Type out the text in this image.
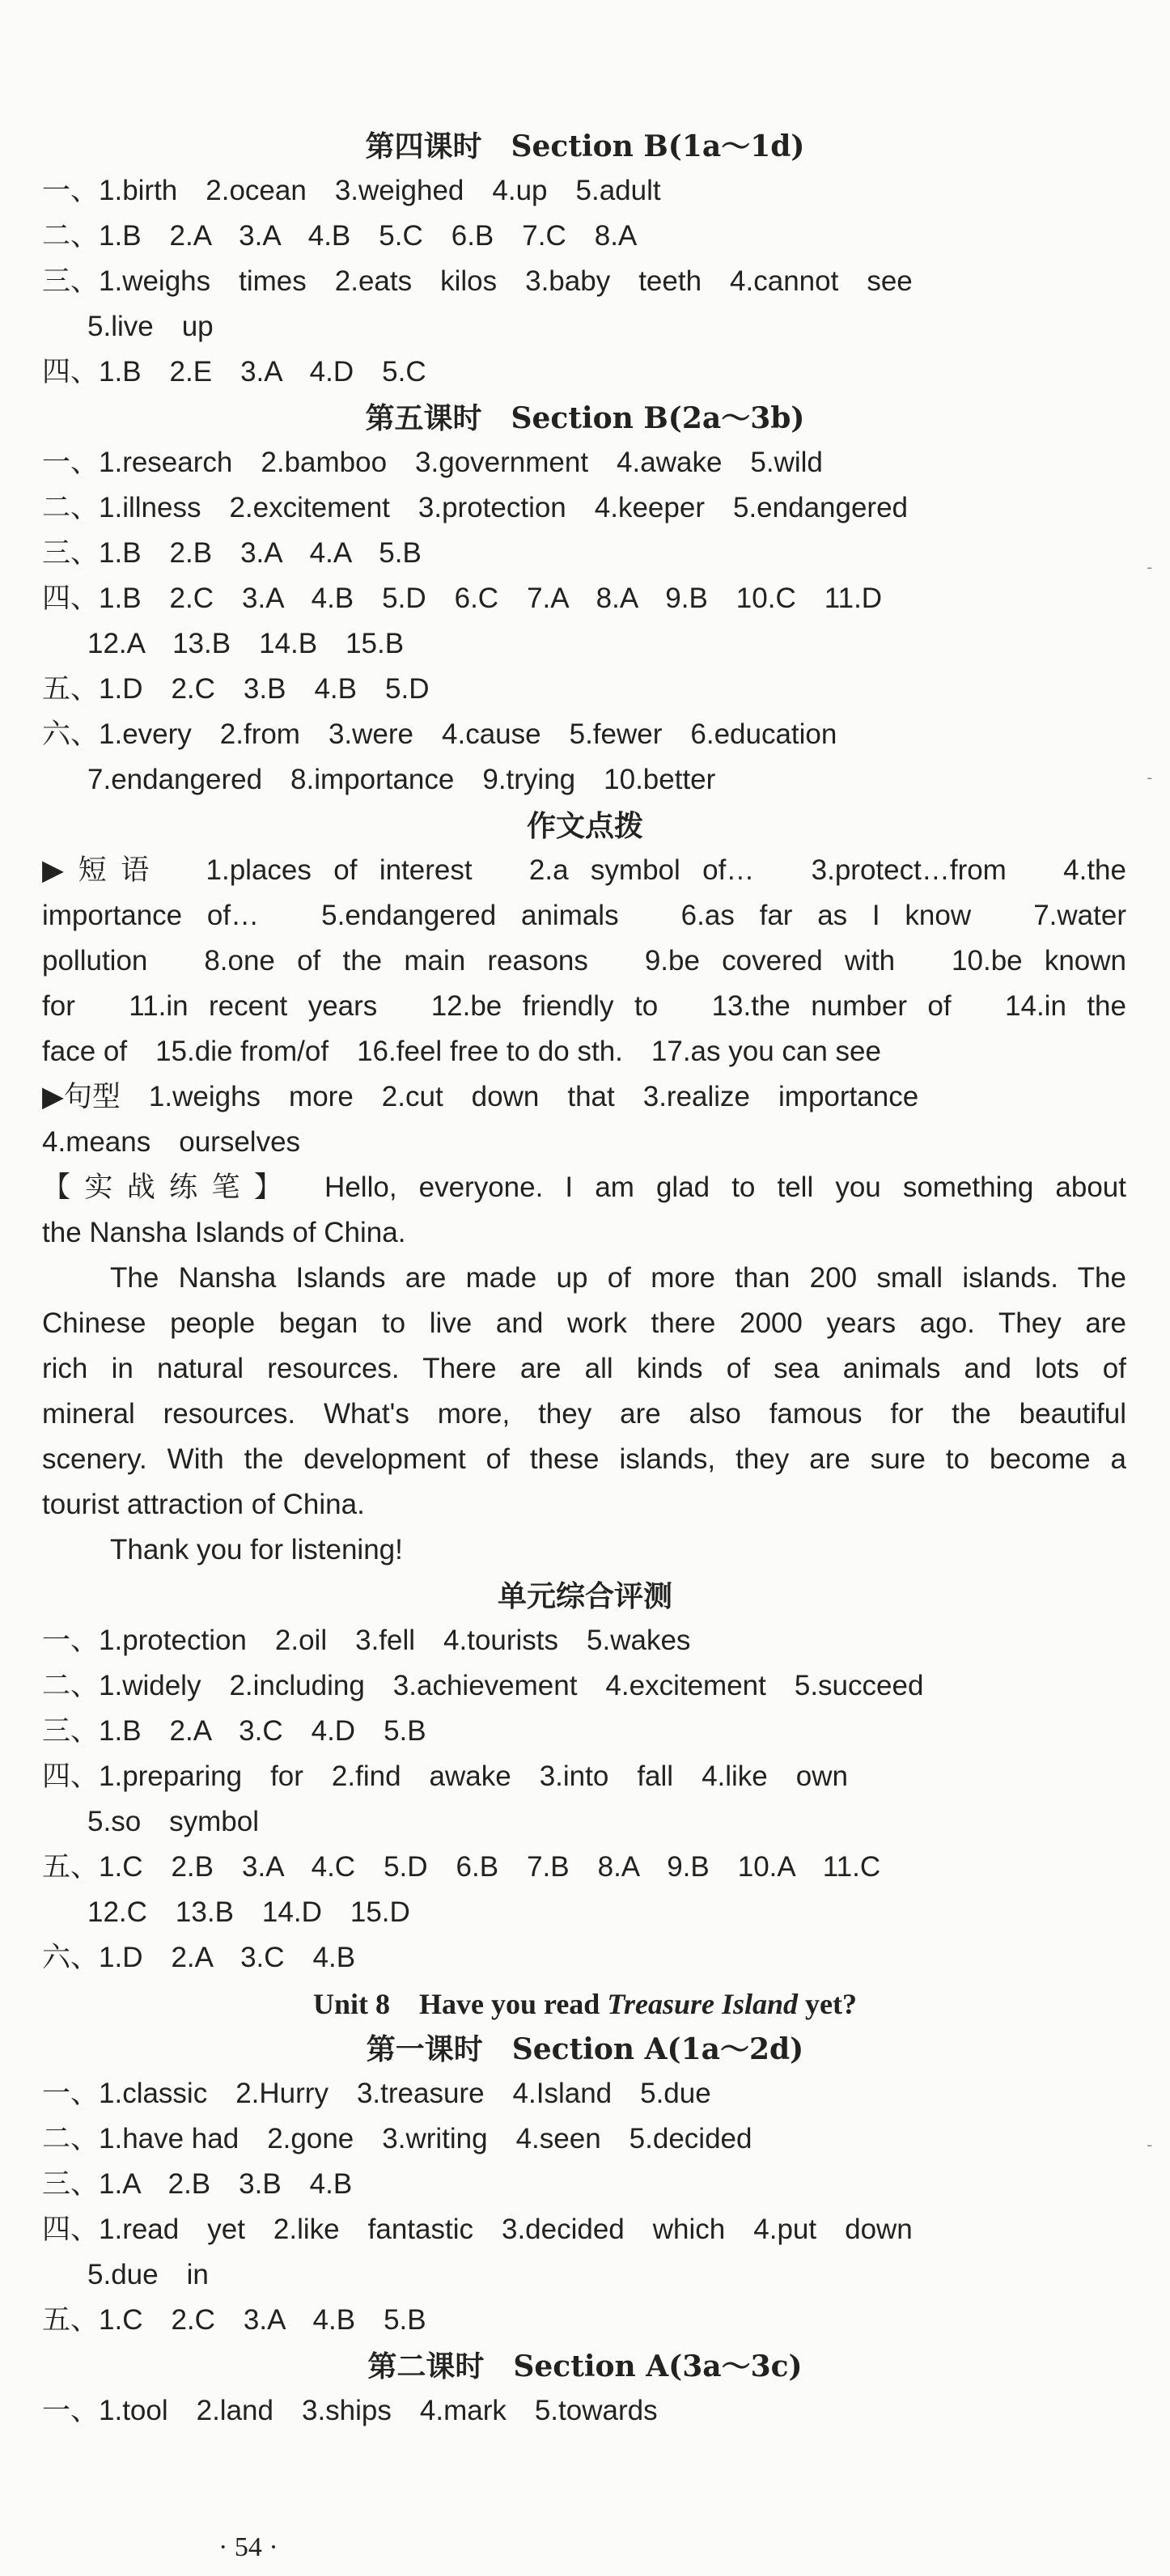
第四课时　Section B(1a～1d)
一、1.birth　2.ocean　3.weighed　4.up　5.adult
二、1.B　2.A　3.A　4.B　5.C　6.B　7.C　8.A
三、1.weighs　times　2.eats　kilos　3.baby　teeth　4.cannot　see
5.live　up
四、1.B　2.E　3.A　4.D　5.C
第五课时　Section B(2a～3b)
一、1.research　2.bamboo　3.government　4.awake　5.wild
二、1.illness　2.excitement　3.protection　4.keeper　5.endangered
三、1.B　2.B　3.A　4.A　5.B
四、1.B　2.C　3.A　4.B　5.D　6.C　7.A　8.A　9.B　10.C　11.D
12.A　13.B　14.B　15.B
五、1.D　2.C　3.B　4.B　5.D
六、1.every　2.from　3.were　4.cause　5.fewer　6.education
7.endangered　8.importance　9.trying　10.better
作文点拨
▶短语　1.places of interest　2.a symbol of…　3.protect…from　4.the
importance of…　5.endangered animals　6.as far as I know　7.water
pollution　8.one of the main reasons　9.be covered with　10.be known
for　11.in recent years　12.be friendly to　13.the number of　14.in the
face of　15.die from/of　16.feel free to do sth.　17.as you can see
▶句型　1.weighs　more　2.cut　down　that　3.realize　importance
4.means　ourselves
【实战练笔】　Hello, everyone. I am glad to tell you something about
the Nansha Islands of China.
The Nansha Islands are made up of more than 200 small islands. The
Chinese people began to live and work there 2000 years ago. They are
rich in natural resources. There are all kinds of sea animals and lots of
mineral resources. What's more, they are also famous for the beautiful
scenery. With the development of these islands, they are sure to become a
tourist attraction of China.
Thank you for listening!
单元综合评测
一、1.protection　2.oil　3.fell　4.tourists　5.wakes
二、1.widely　2.including　3.achievement　4.excitement　5.succeed
三、1.B　2.A　3.C　4.D　5.B
四、1.preparing　for　2.find　awake　3.into　fall　4.like　own
5.so　symbol
五、1.C　2.B　3.A　4.C　5.D　6.B　7.B　8.A　9.B　10.A　11.C
12.C　13.B　14.D　15.D
六、1.D　2.A　3.C　4.B
Unit 8　Have you read Treasure Island yet?
第一课时　Section A(1a～2d)
一、1.classic　2.Hurry　3.treasure　4.Island　5.due
二、1.have had　2.gone　3.writing　4.seen　5.decided
三、1.A　2.B　3.B　4.B
四、1.read　yet　2.like　fantastic　3.decided　which　4.put　down
5.due　in
五、1.C　2.C　3.A　4.B　5.B
第二课时　Section A(3a～3c)
一、1.tool　2.land　3.ships　4.mark　5.towards
· 54 ·
-
-
-
